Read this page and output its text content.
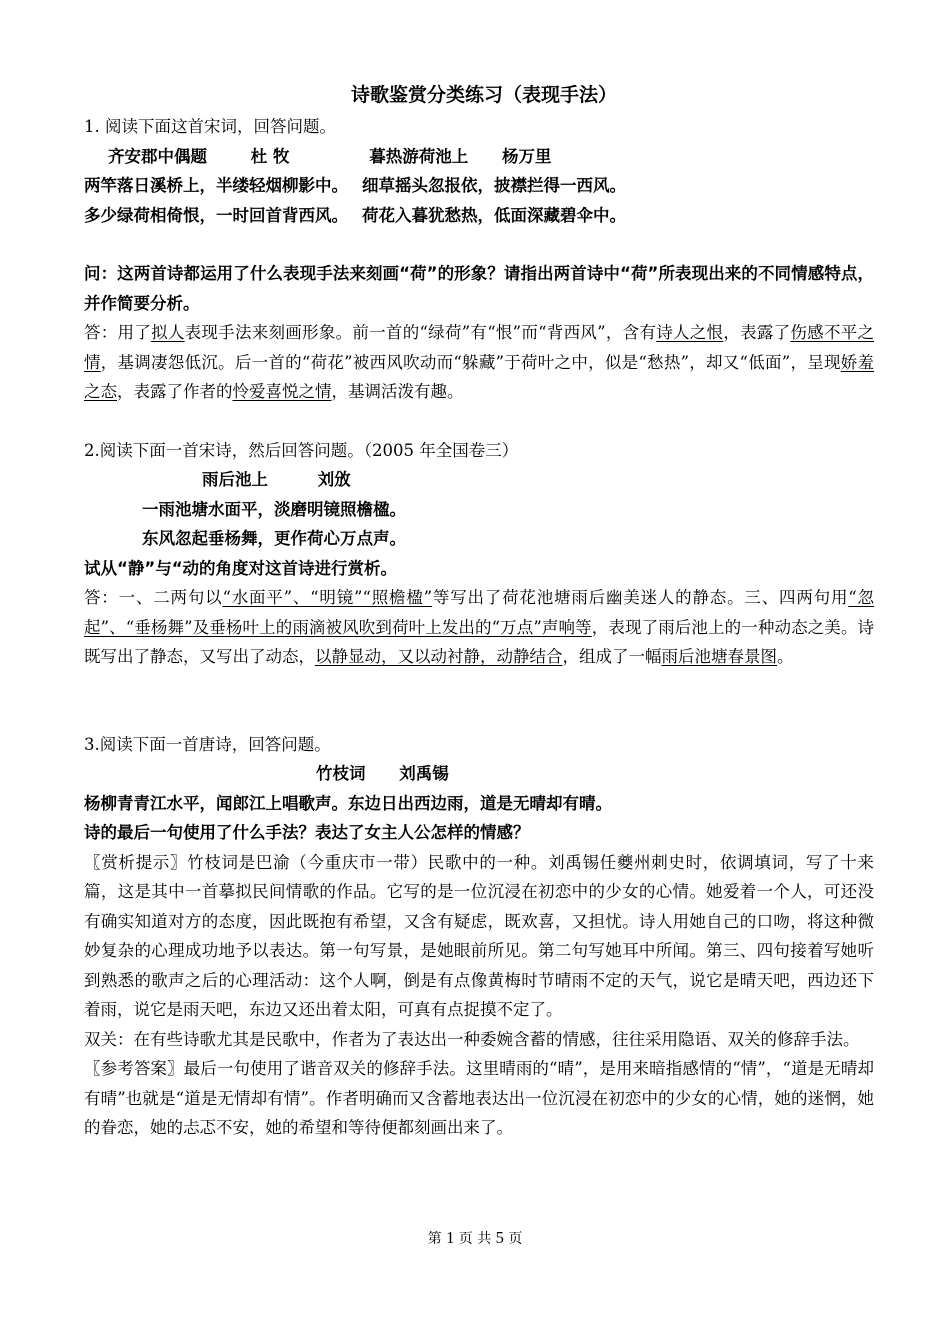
诗歌鉴赏分类练习（表现手法）
1. 阅读下面这首宋词，回答问题。
齐安郡中偶题	杜 牧	暮热游荷池上 杨万里
两竿落日溪桥上，半缕轻烟柳影中。 细草摇头忽报依，披襟拦得一西风。
多少绿荷相倚恨，一时回首背西风。 荷花入暮犹愁热，低面深藏碧伞中。
问：这两首诗都运用了什么表现手法来刻画“荷”的形象？请指出两首诗中“荷”所表现出来的不同情感特点，并作简要分析。
答：用了拟人表现手法来刻画形象。前一首的“绿荷”有“恨”而“背西风”，含有诗人之恨，表露了伤感不平之情，基调凄怨低沉。后一首的“荷花”被西风吹动而“躲藏”于荷叶之中，似是“愁热”，却又“低面”，呈现娇羞之态，表露了作者的怜爱喜悦之情，基调活泼有趣。
2.阅读下面一首宋诗，然后回答问题。（2005 年全国卷三）
雨后池上	刘攽
一雨池塘水面平，淡磨明镜照檐楹。
东风忽起垂杨舞，更作荷心万点声。
试从“静”与“动的角度对这首诗进行赏析。
答：一、二两句以“水面平”、“明镜”“照檐楹”等写出了荷花池塘雨后幽美迷人的静态。三、四两句用“忽起”、“垂杨舞”及垂杨叶上的雨滴被风吹到荷叶上发出的“万点”声响等，表现了雨后池上的一种动态之美。诗既写出了静态，又写出了动态，以静显动，又以动衬静，动静结合，组成了一幅雨后池塘春景图。
3.阅读下面一首唐诗，回答问题。
竹枝词 刘禹锡
杨柳青青江水平，闻郎江上唱歌声。东边日出西边雨，道是无晴却有晴。
诗的最后一句使用了什么手法？表达了女主人公怎样的情感？
〖赏析提示〗竹枝词是巴渝（今重庆市一带）民歌中的一种。刘禹锡任夔州刺史时，依调填词，写了十来篇，这是其中一首摹拟民间情歌的作品。它写的是一位沉浸在初恋中的少女的心情。她爱着一个人，可还没有确实知道对方的态度，因此既抱有希望，又含有疑虑，既欢喜，又担忧。诗人用她自己的口吻，将这种微妙复杂的心理成功地予以表达。第一句写景，是她眼前所见。第二句写她耳中所闻。第三、四句接着写她听到熟悉的歌声之后的心理活动：这个人啊，倒是有点像黄梅时节晴雨不定的天气，说它是晴天吧，西边还下着雨，说它是雨天吧，东边又还出着太阳，可真有点捉摸不定了。
双关：在有些诗歌尤其是民歌中，作者为了表达出一种委婉含蓄的情感，往往采用隐语、双关的修辞手法。
〖参考答案〗最后一句使用了谐音双关的修辞手法。这里晴雨的“晴”，是用来暗指感情的“情”，“道是无晴却有晴”也就是“道是无情却有情”。作者明确而又含蓄地表达出一位沉浸在初恋中的少女的心情，她的迷惘，她的眷恋，她的忐忑不安，她的希望和等待便都刻画出来了。
第 1 页 共 5 页
